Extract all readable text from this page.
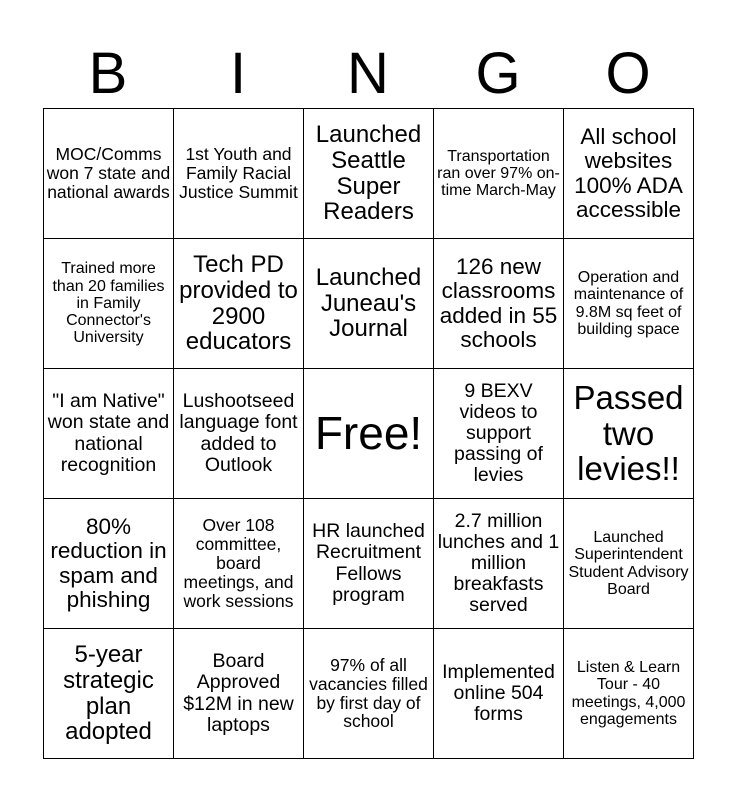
B	I	N	G	O
MOC/Comms won 7 state and national awards	1st Youth and Family Racial Justice Summit	Launched Seattle Super Readers	Transportation ran over 97% on-time March-May	All school websites 100% ADA accessible

Trained more than 20 families in Family Connector's University	Tech PD provided to 2900 educators	Launched Juneau's Journal	126 new classrooms added in 55 schools	Operation and maintenance of 9.8M sq feet of building space

"I am Native" won state and national recognition	Lushootseed language font added to Outlook	Free!	9 BEXV videos to support passing of levies	Passed two levies!!

80% reduction in spam and phishing	Over 108 committee, board meetings, and work sessions	HR launched Recruitment Fellows program	2.7 million lunches and 1 million breakfasts served	Launched Superintendent Student Advisory Board

5-year strategic plan adopted	Board Approved $12M in new laptops	97% of all vacancies filled by first day of school	Implemented online 504 forms	Listen & Learn Tour - 40 meetings, 4,000 engagements
